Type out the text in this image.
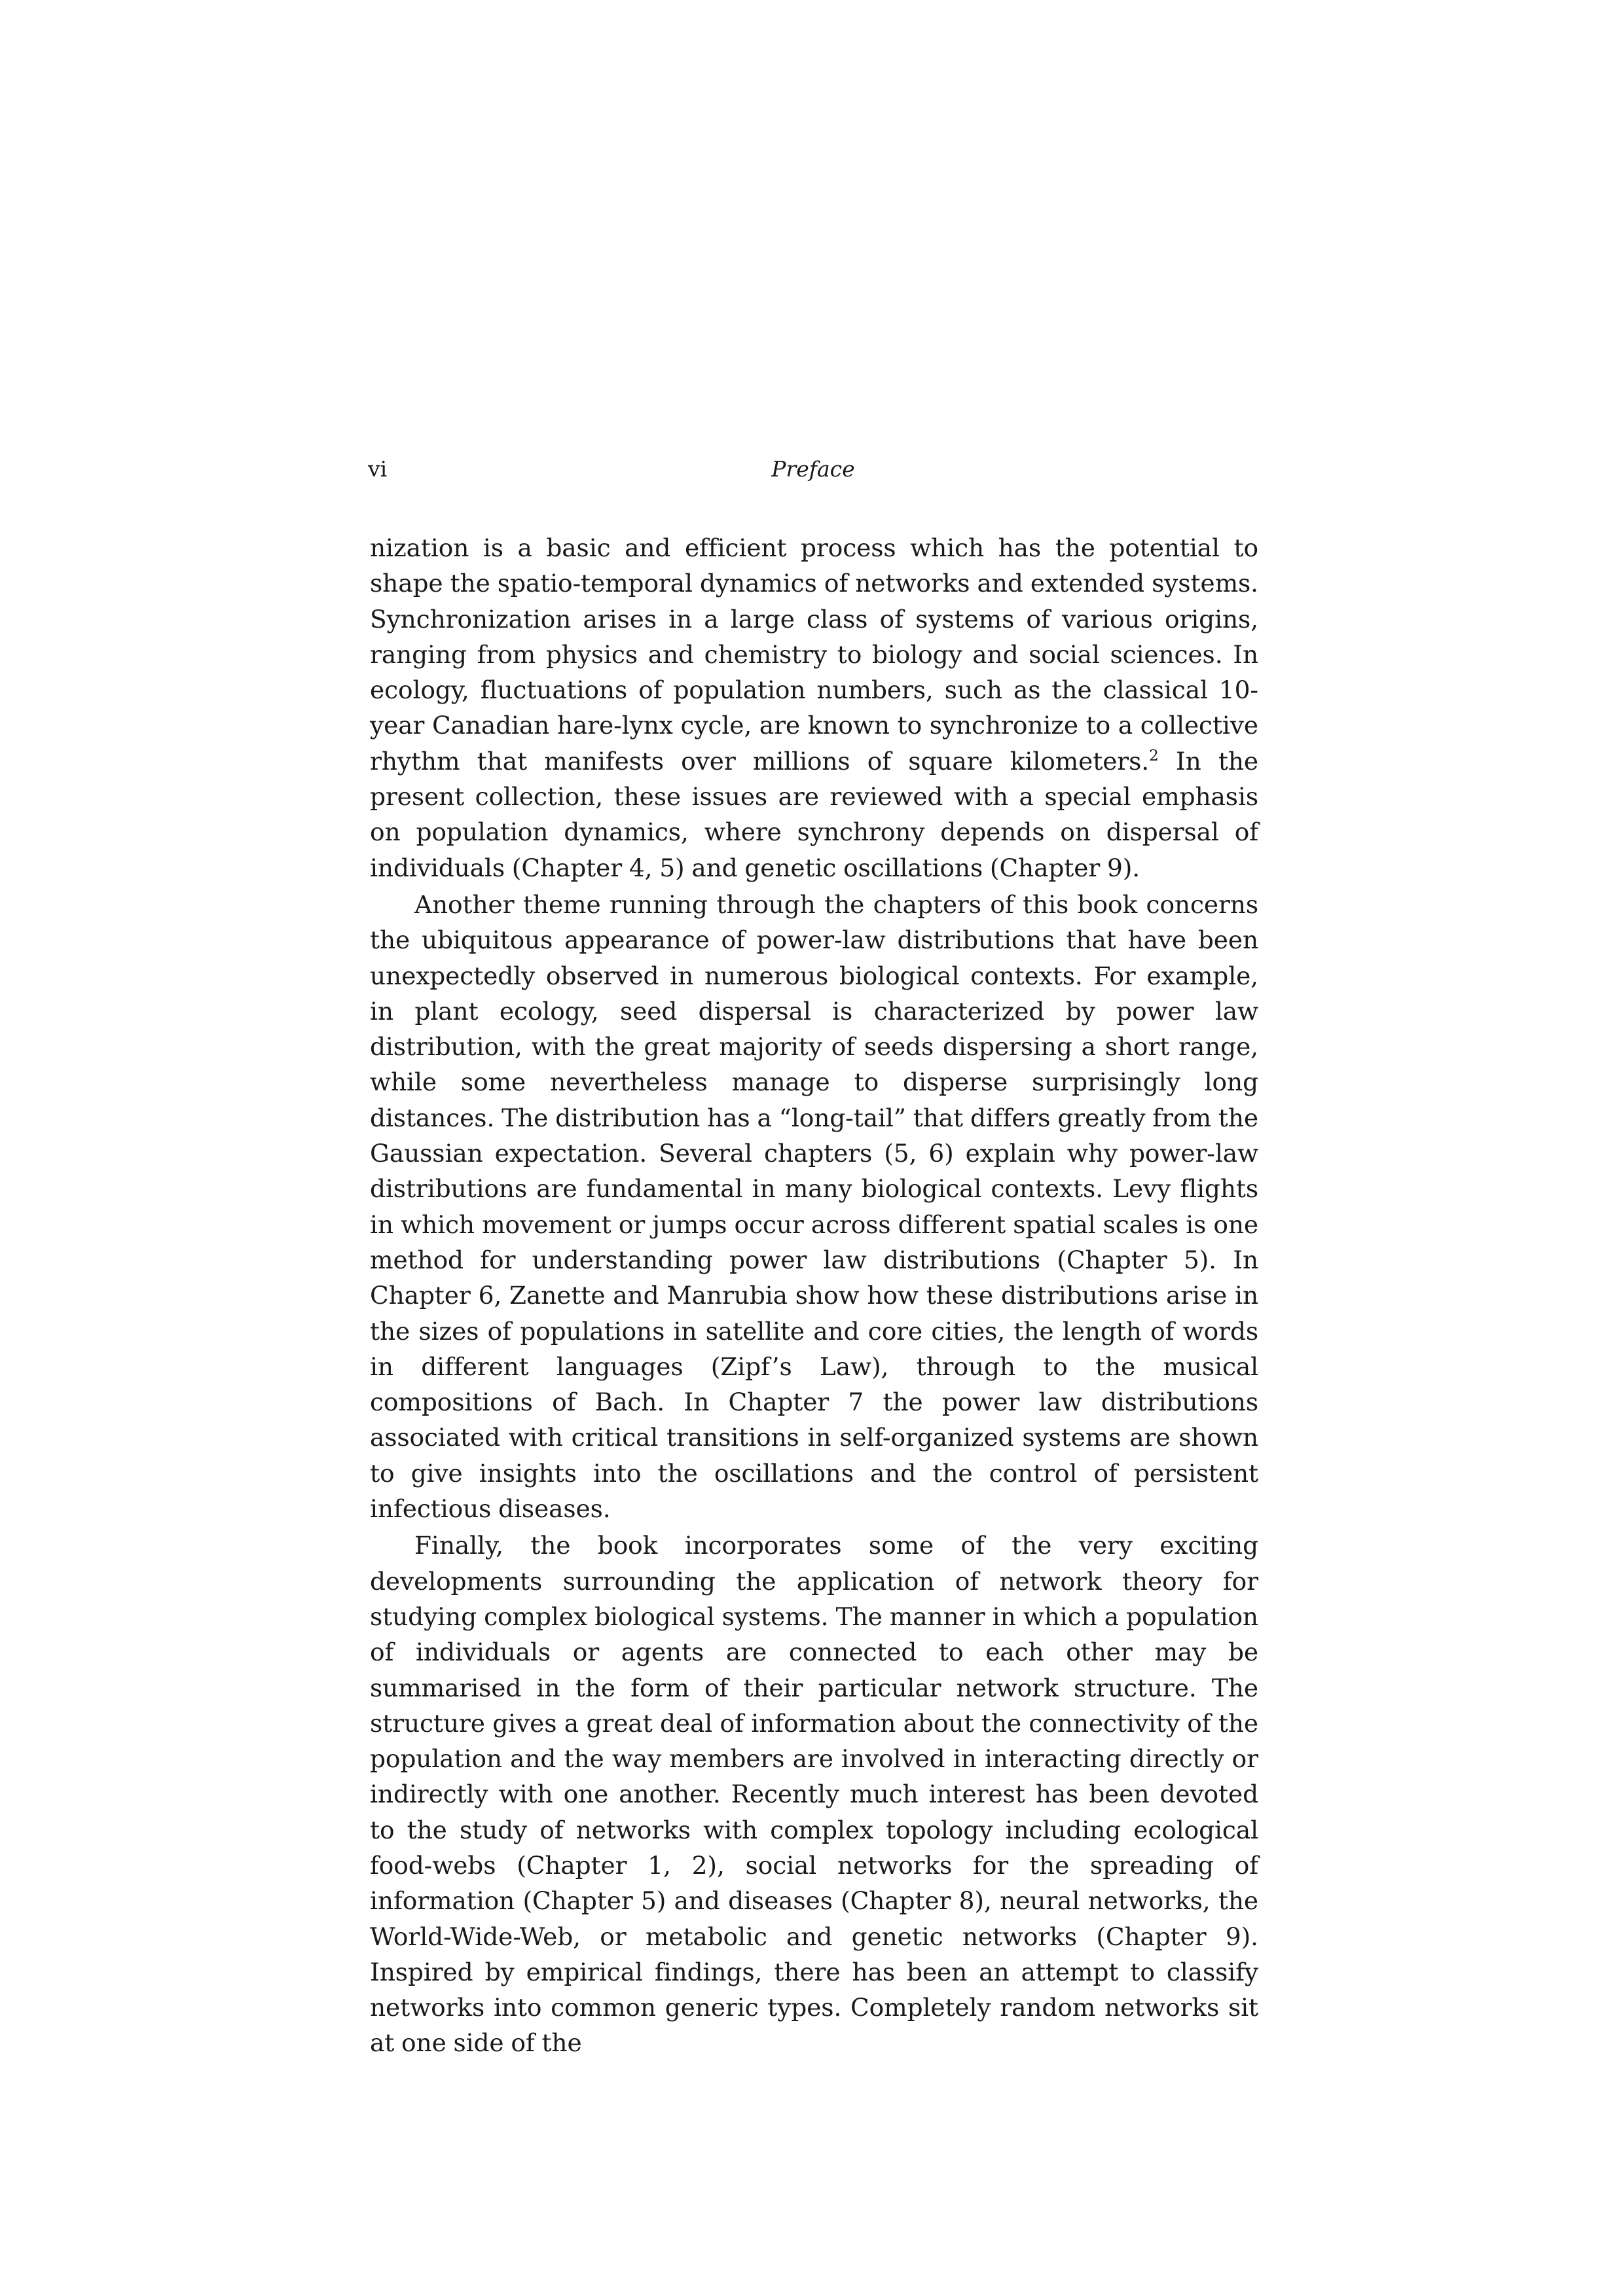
vi	Preface

nization is a basic and efficient process which has the potential to shape the spatio-temporal dynamics of networks and extended systems. Synchronization arises in a large class of systems of various origins, ranging from physics and chemistry to biology and social sciences. In ecology, fluctuations of population numbers, such as the classical 10-year Canadian hare-lynx cycle, are known to synchronize to a collective rhythm that manifests over millions of square kilometers.$^2$ In the present collection, these issues are reviewed with a special emphasis on population dynamics, where synchrony depends on dispersal of individuals (Chapter 4, 5) and genetic oscillations (Chapter 9).

Another theme running through the chapters of this book concerns the ubiquitous appearance of power-law distributions that have been unexpectedly observed in numerous biological contexts. For example, in plant ecology, seed dispersal is characterized by power law distribution, with the great majority of seeds dispersing a short range, while some nevertheless manage to disperse surprisingly long distances. The distribution has a “long-tail” that differs greatly from the Gaussian expectation. Several chapters (5, 6) explain why power-law distributions are fundamental in many biological contexts. Levy flights in which movement or jumps occur across different spatial scales is one method for understanding power law distributions (Chapter 5). In Chapter 6, Zanette and Manrubia show how these distributions arise in the sizes of populations in satellite and core cities, the length of words in different languages (Zipf’s Law), through to the musical compositions of Bach. In Chapter 7 the power law distributions associated with critical transitions in self-organized systems are shown to give insights into the oscillations and the control of persistent infectious diseases.

Finally, the book incorporates some of the very exciting developments surrounding the application of network theory for studying complex biological systems. The manner in which a population of individuals or agents are connected to each other may be summarised in the form of their particular network structure. The structure gives a great deal of information about the connectivity of the population and the way members are involved in interacting directly or indirectly with one another. Recently much interest has been devoted to the study of networks with complex topology including ecological food-webs (Chapter 1, 2), social networks for the spreading of information (Chapter 5) and diseases (Chapter 8), neural networks, the World-Wide-Web, or metabolic and genetic networks (Chapter 9). Inspired by empirical findings, there has been an attempt to classify networks into common generic types. Completely random networks sit at one side of the
